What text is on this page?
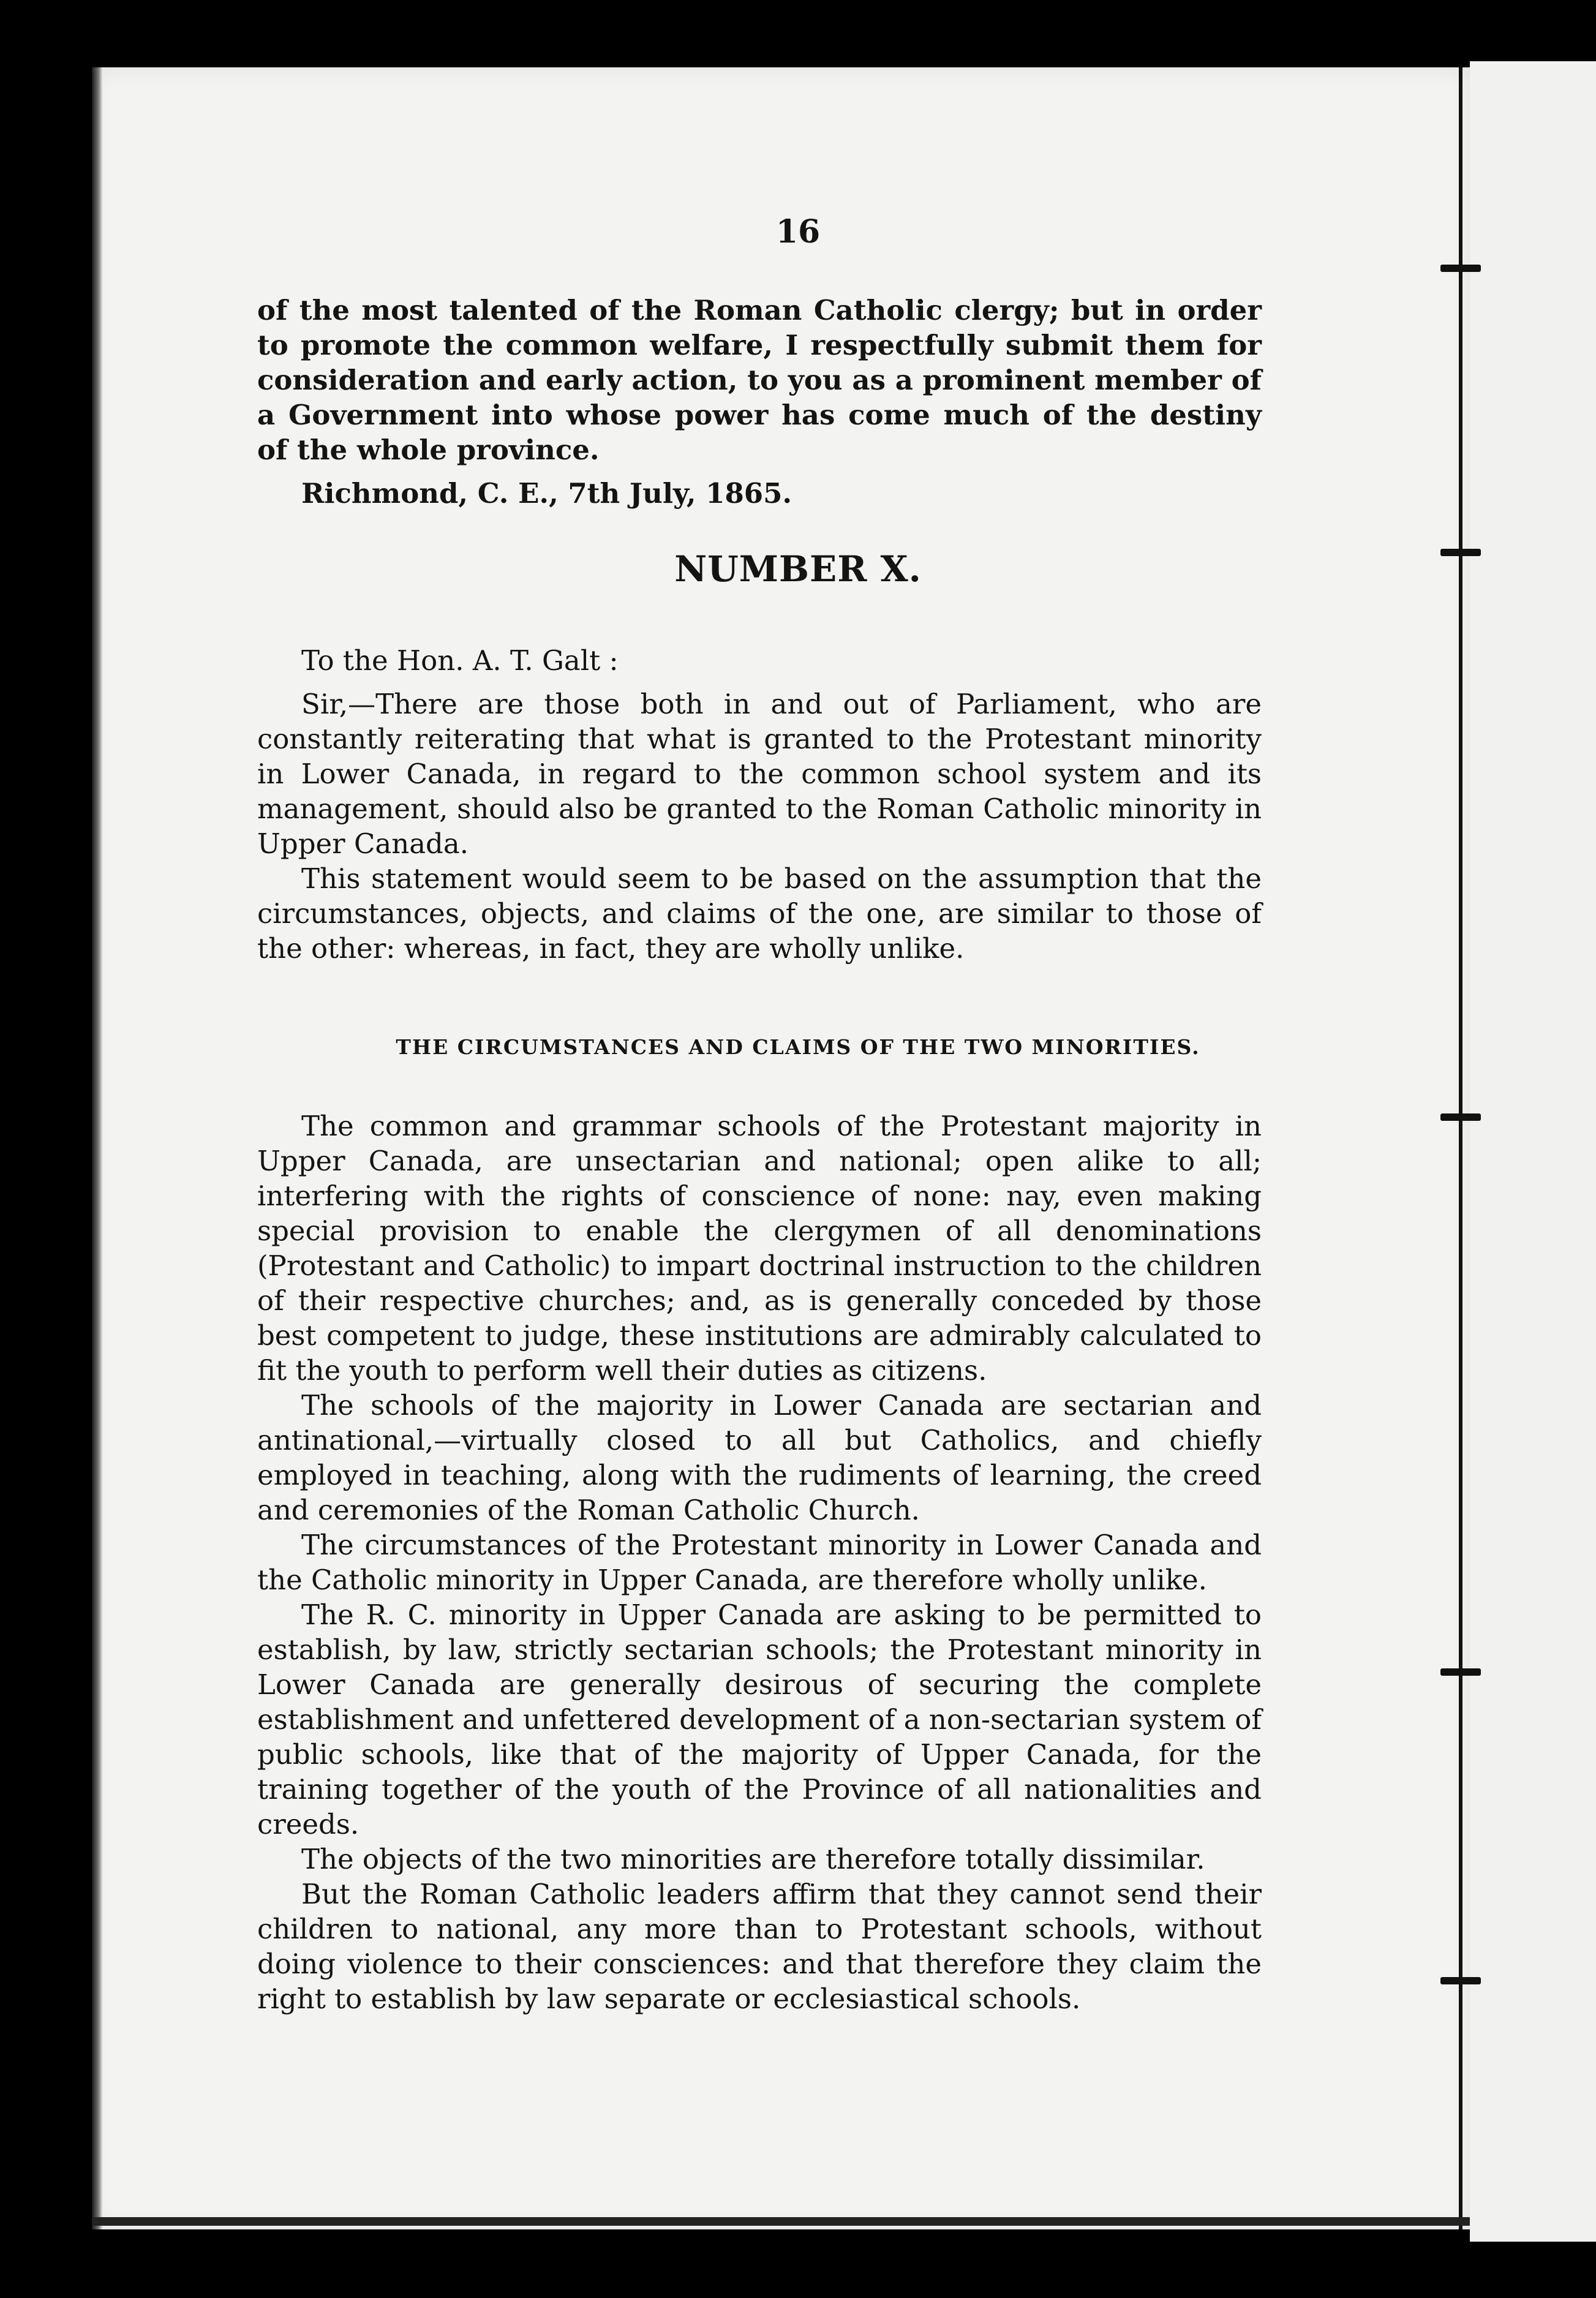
16

of the most talented of the Roman Catholic clergy; but in order to promote the common welfare, I respectfully submit them for consideration and early action, to you as a prominent member of a Government into whose power has come much of the destiny of the whole province.

Richmond, C. E., 7th July, 1865.

NUMBER X.

To the Hon. A. T. Galt :

Sir,—There are those both in and out of Parliament, who are constantly reiterating that what is granted to the Protestant minority in Lower Canada, in regard to the common school system and its management, should also be granted to the Roman Catholic minority in Upper Canada.

This statement would seem to be based on the assumption that the circumstances, objects, and claims of the one, are similar to those of the other: whereas, in fact, they are wholly unlike.

THE CIRCUMSTANCES AND CLAIMS OF THE TWO MINORITIES.

The common and grammar schools of the Protestant majority in Upper Canada, are unsectarian and national; open alike to all; interfering with the rights of conscience of none: nay, even making special provision to enable the clergymen of all denominations (Protestant and Catholic) to impart doctrinal instruction to the children of their respective churches; and, as is generally conceded by those best competent to judge, these institutions are admirably calculated to fit the youth to perform well their duties as citizens.

The schools of the majority in Lower Canada are sectarian and antinational,—virtually closed to all but Catholics, and chiefly employed in teaching, along with the rudiments of learning, the creed and ceremonies of the Roman Catholic Church.

The circumstances of the Protestant minority in Lower Canada and the Catholic minority in Upper Canada, are therefore wholly unlike.

The R. C. minority in Upper Canada are asking to be permitted to establish, by law, strictly sectarian schools; the Protestant minority in Lower Canada are generally desirous of securing the complete establishment and unfettered development of a non-sectarian system of public schools, like that of the majority of Upper Canada, for the training together of the youth of the Province of all nationalities and creeds.

The objects of the two minorities are therefore totally dissimilar.

But the Roman Catholic leaders affirm that they cannot send their children to national, any more than to Protestant schools, without doing violence to their consciences: and that therefore they claim the right to establish by law separate or ecclesiastical schools.
